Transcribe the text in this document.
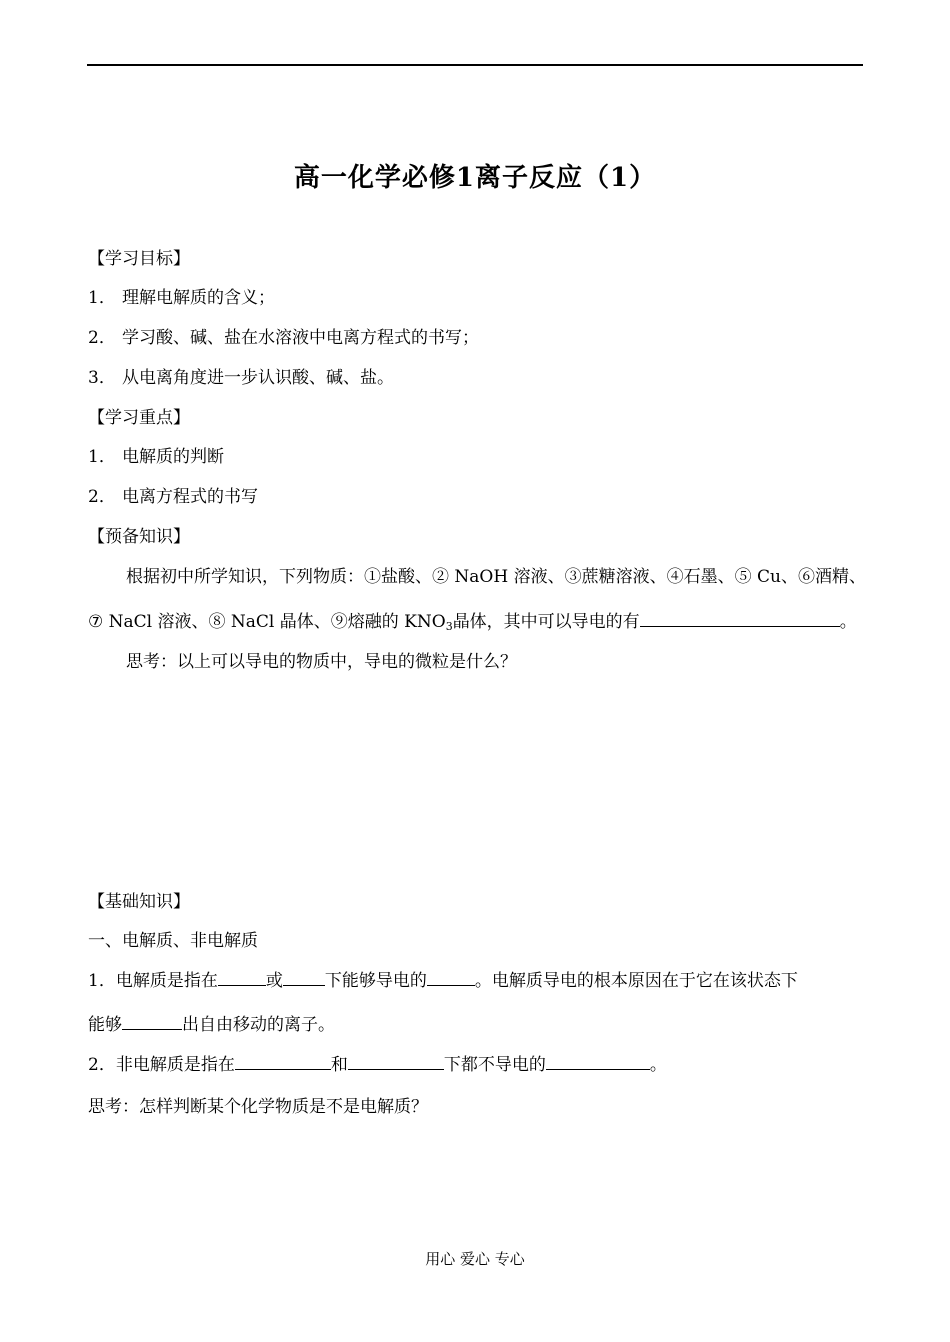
高一化学必修1离子反应（1）
【学习目标】
1． 理解电解质的含义；
2． 学习酸、碱、盐在水溶液中电离方程式的书写；
3． 从电离角度进一步认识酸、碱、盐。
【学习重点】
1． 电解质的判断
2． 电离方程式的书写
【预备知识】
根据初中所学知识，下列物质：①盐酸、② NaOH 溶液、③蔗糖溶液、④石墨、⑤ Cu、⑥酒精、
⑦ NaCl 溶液、⑧ NaCl 晶体、⑨熔融的 $KNO_3$晶体，其中可以导电的有	。
思考：以上可以导电的物质中，导电的微粒是什么？
【基础知识】
一、电解质、非电解质
1．电解质是指在	或 下能够导电的	。电解质导电的根本原因在于它在该状态下
能够	出自由移动的离子。
2．非电解质是指在	和	下都不导电的	。
思考：怎样判断某个化学物质是不是电解质？
用心 爱心 专心
